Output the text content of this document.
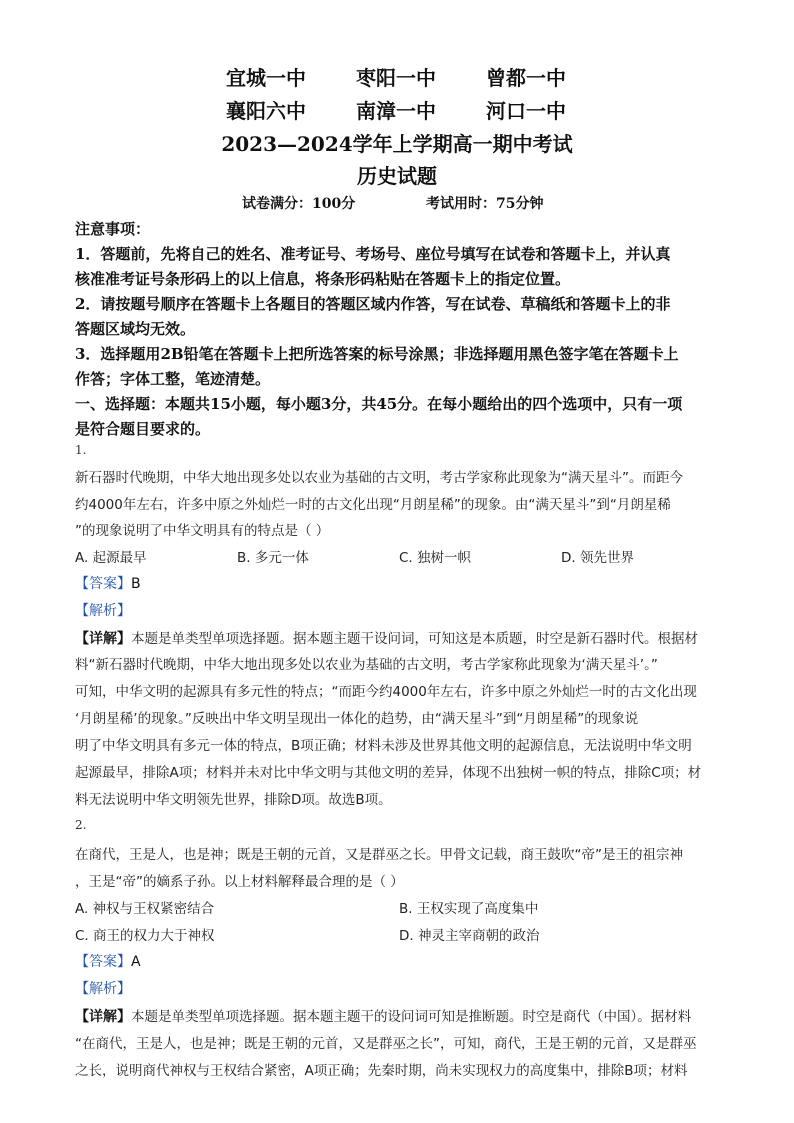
宜城一中	枣阳一中	曾都一中
襄阳六中	南漳一中	河口一中
2023—2024学年上学期高一期中考试
历史试题
试卷满分：100分	考试用时：75分钟
注意事项：
1．答题前，先将自己的姓名、准考证号、考场号、座位号填写在试卷和答题卡上，并认真
核准准考证号条形码上的以上信息，将条形码粘贴在答题卡上的指定位置。
2．请按题号顺序在答题卡上各题目的答题区域内作答，写在试卷、草稿纸和答题卡上的非
答题区域均无效。
3．选择题用2B铅笔在答题卡上把所选答案的标号涂黑；非选择题用黑色签字笔在答题卡上
作答；字体工整，笔迹清楚。
一、选择题：本题共15小题，每小题3分，共45分。在每小题给出的四个选项中，只有一项
是符合题目要求的。
1.
新石器时代晚期，中华大地出现多处以农业为基础的古文明，考古学家称此现象为“满天星斗”。而距今
约4000年左右，许多中原之外灿烂一时的古文化出现“月朗星稀”的现象。由“满天星斗”到“月朗星稀
”的现象说明了中华文明具有的特点是（ ）
A. 起源最早	B. 多元一体	C. 独树一帜	D. 领先世界
【答案】B
【解析】
【详解】本题是单类型单项选择题。据本题主题干设问词，可知这是本质题，时空是新石器时代。根据材
料“新石器时代晚期，中华大地出现多处以农业为基础的古文明，考古学家称此现象为‘满天星斗’。”
可知，中华文明的起源具有多元性的特点；“而距今约4000年左右，许多中原之外灿烂一时的古文化出现
‘月朗星稀’的现象。”反映出中华文明呈现出一体化的趋势，由“满天星斗”到“月朗星稀”的现象说
明了中华文明具有多元一体的特点，B项正确；材料未涉及世界其他文明的起源信息，无法说明中华文明
起源最早，排除A项；材料并未对比中华文明与其他文明的差异，体现不出独树一帜的特点，排除C项；材
料无法说明中华文明领先世界，排除D项。故选B项。
2.
在商代，王是人，也是神；既是王朝的元首，又是群巫之长。甲骨文记载，商王鼓吹“帝”是王的祖宗神
，王是“帝”的嫡系子孙。以上材料解释最合理的是（ ）
A. 神权与王权紧密结合	B. 王权实现了高度集中
C. 商王的权力大于神权	D. 神灵主宰商朝的政治
【答案】A
【解析】
【详解】本题是单类型单项选择题。据本题主题干的设问词可知是推断题。时空是商代（中国）。据材料
“在商代，王是人，也是神；既是王朝的元首，又是群巫之长”，可知，商代，王是王朝的元首，又是群巫
之长，说明商代神权与王权结合紧密，A项正确；先秦时期，尚未实现权力的高度集中，排除B项；材料
